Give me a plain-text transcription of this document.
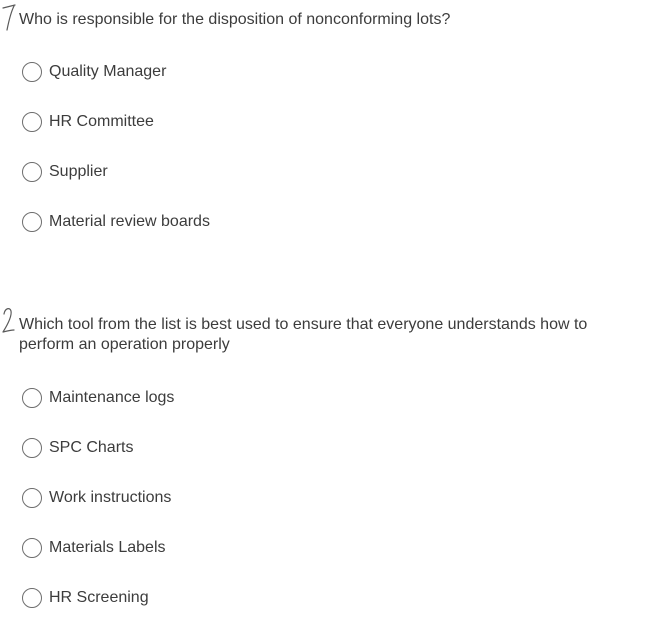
Who is responsible for the disposition of nonconforming lots?
Quality Manager
HR Committee
Supplier
Material review boards
Which tool from the list is best used to ensure that everyone understands how to perform an operation properly
Maintenance logs
SPC Charts
Work instructions
Materials Labels
HR Screening
